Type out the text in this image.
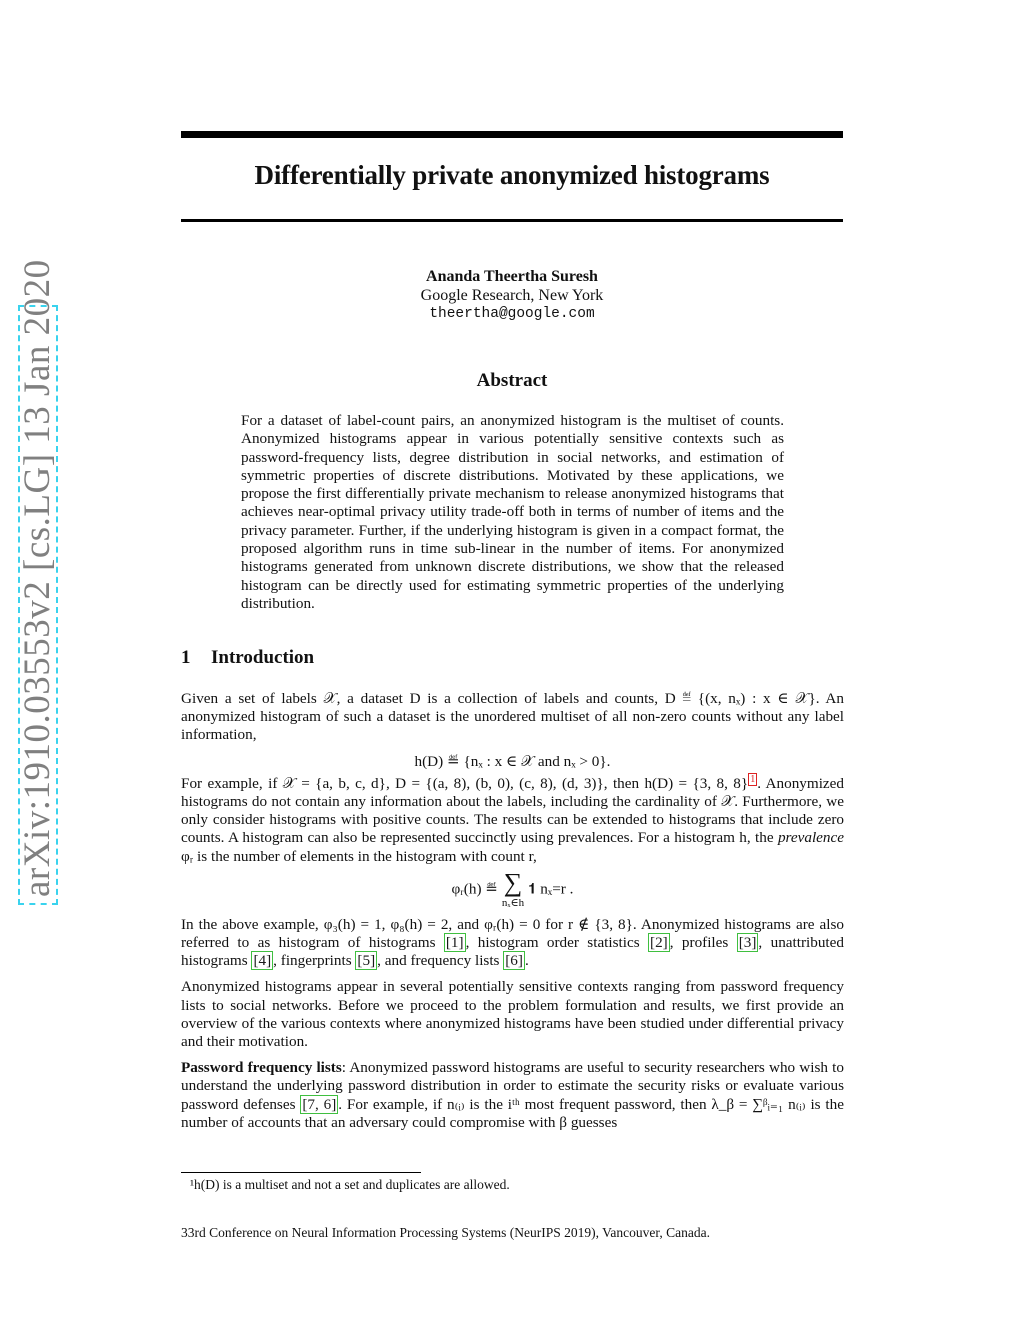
arXiv:1910.03553v2 [cs.LG] 13 Jan 2020
Differentially private anonymized histograms
Ananda Theertha Suresh
Google Research, New York
theertha@google.com
Abstract
For a dataset of label-count pairs, an anonymized histogram is the multiset of counts. Anonymized histograms appear in various potentially sensitive contexts such as password-frequency lists, degree distribution in social networks, and estimation of symmetric properties of discrete distributions. Motivated by these applications, we propose the first differentially private mechanism to release anonymized histograms that achieves near-optimal privacy utility trade-off both in terms of number of items and the privacy parameter. Further, if the underlying histogram is given in a compact format, the proposed algorithm runs in time sub-linear in the number of items. For anonymized histograms generated from unknown discrete distributions, we show that the released histogram can be directly used for estimating symmetric properties of the underlying distribution.
1 Introduction

Given a set of labels 𝒳, a dataset D is a collection of labels and counts, D ≝ {(x, nₓ) : x ∈ 𝒳}. An anonymized histogram of such a dataset is the unordered multiset of all non-zero counts without any label information,

h(D) ≝ {nₓ : x ∈ 𝒳 and nₓ > 0}.

For example, if 𝒳 = {a, b, c, d}, D = {(a, 8), (b, 0), (c, 8), (d, 3)}, then h(D) = {3, 8, 8} $^1$ . Anonymized histograms do not contain any information about the labels, including the cardinality of 𝒳. Furthermore, we only consider histograms with positive counts. The results can be extended to histograms that include zero counts. A histogram can also be represented succinctly using prevalences. For a histogram h, the prevalence φᵣ is the number of elements in the histogram with count r,

φᵣ(h) ≝ ∑
nₓ∈h
𝟏 nₓ=r .

In the above example, φ₃(h) = 1, φ₈(h) = 2, and φᵣ(h) = 0 for r ∉ {3, 8}. Anonymized histograms are also referred to as histogram of histograms [1] , histogram order statistics [2] , profiles [3] , unattributed histograms [4] , fingerprints [5] , and frequency lists [6] .

Anonymized histograms appear in several potentially sensitive contexts ranging from password frequency lists to social networks. Before we proceed to the problem formulation and results, we first provide an overview of the various contexts where anonymized histograms have been studied under differential privacy and their motivation.

Password frequency lists: Anonymized password histograms are useful to security researchers who wish to understand the underlying password distribution in order to estimate the security risks or evaluate various password defenses [7, 6] . For example, if n₍ᵢ₎ is the iᵗʰ most frequent password, then λ_β = ∑ᵝᵢ₌₁ n₍ᵢ₎ is the number of accounts that an adversary could compromise with β guesses

¹h(D) is a multiset and not a set and duplicates are allowed.
33rd Conference on Neural Information Processing Systems (NeurIPS 2019), Vancouver, Canada.
